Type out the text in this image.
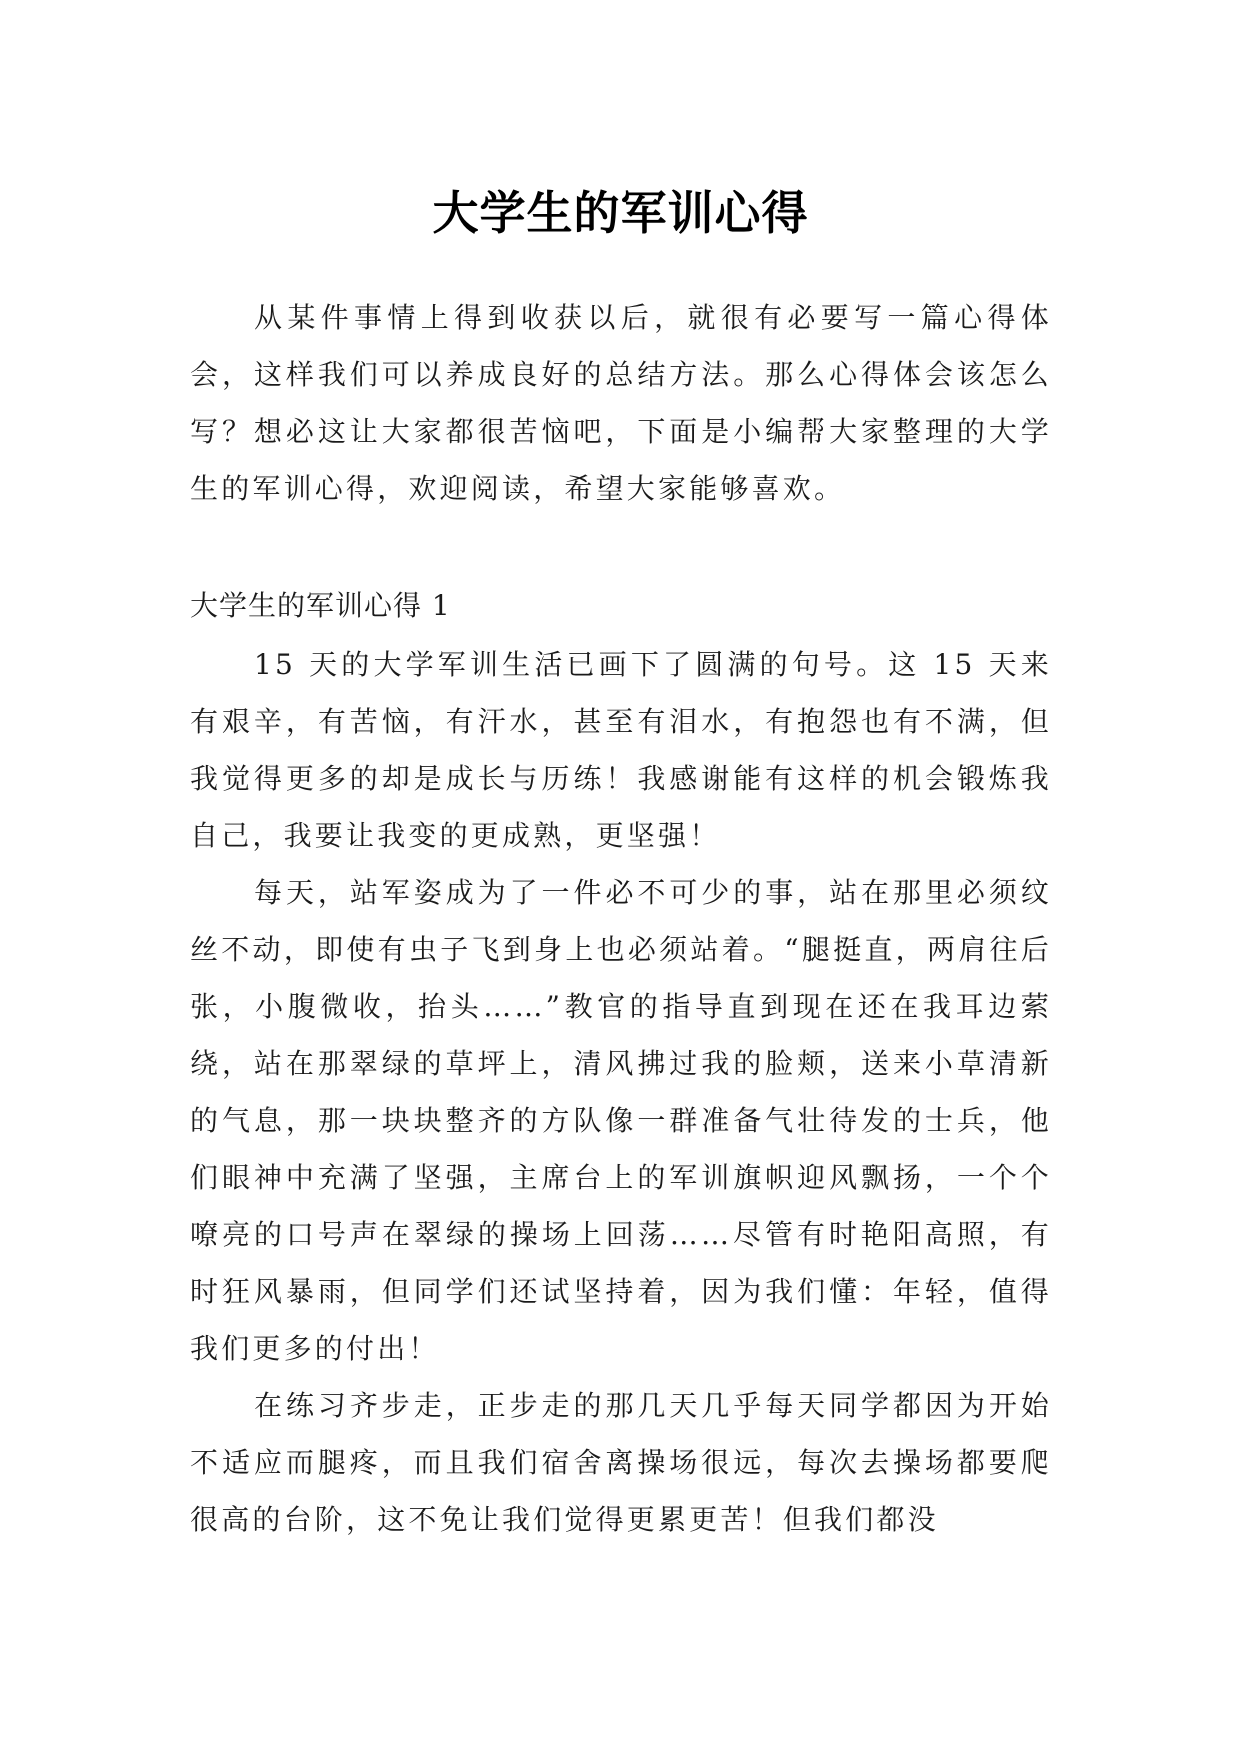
大学生的军训心得

从某件事情上得到收获以后，就很有必要写一篇心得体会，这样我们可以养成良好的总结方法。那么心得体会该怎么写？想必这让大家都很苦恼吧，下面是小编帮大家整理的大学生的军训心得，欢迎阅读，希望大家能够喜欢。

大学生的军训心得 1

15 天的大学军训生活已画下了圆满的句号。这 15 天来有艰辛，有苦恼，有汗水，甚至有泪水，有抱怨也有不满，但我觉得更多的却是成长与历练！我感谢能有这样的机会锻炼我自己，我要让我变的更成熟，更坚强！

每天，站军姿成为了一件必不可少的事，站在那里必须纹丝不动，即使有虫子飞到身上也必须站着。“腿挺直，两肩往后张，小腹微收，抬头……”教官的指导直到现在还在我耳边萦绕，站在那翠绿的草坪上，清风拂过我的脸颊，送来小草清新的气息，那一块块整齐的方队像一群准备气壮待发的士兵，他们眼神中充满了坚强，主席台上的军训旗帜迎风飘扬，一个个嘹亮的口号声在翠绿的操场上回荡……尽管有时艳阳高照，有时狂风暴雨，但同学们还试坚持着，因为我们懂：年轻，值得我们更多的付出！

在练习齐步走，正步走的那几天几乎每天同学都因为开始不适应而腿疼，而且我们宿舍离操场很远，每次去操场都要爬很高的台阶，这不免让我们觉得更累更苦！但我们都没
